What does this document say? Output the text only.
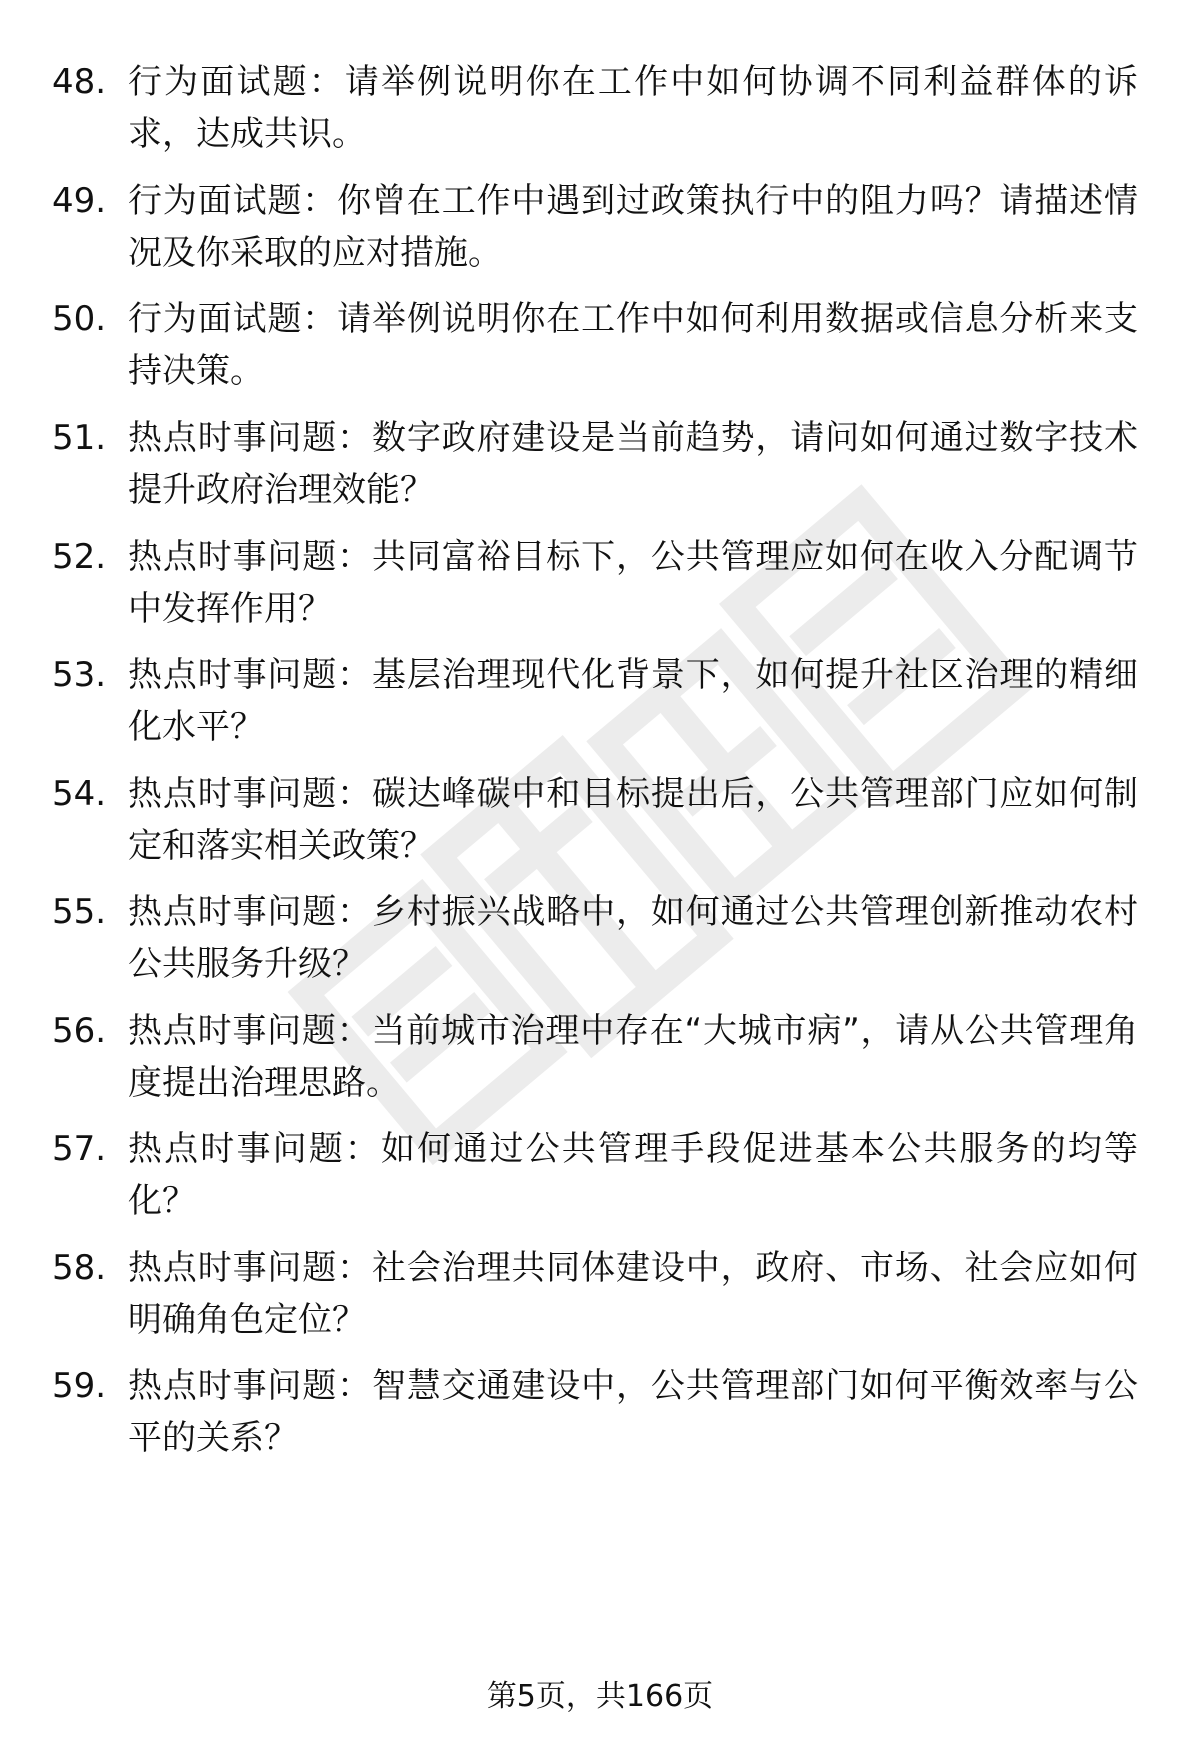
48. 行为面试题：请举例说明你在工作中如何协调不同利益群体的诉求，达成共识。
49. 行为面试题：你曾在工作中遇到过政策执行中的阻力吗？请描述情况及你采取的应对措施。
50. 行为面试题：请举例说明你在工作中如何利用数据或信息分析来支持决策。
51. 热点时事问题：数字政府建设是当前趋势，请问如何通过数字技术提升政府治理效能？
52. 热点时事问题：共同富裕目标下，公共管理应如何在收入分配调节中发挥作用？
53. 热点时事问题：基层治理现代化背景下，如何提升社区治理的精细化水平？
54. 热点时事问题：碳达峰碳中和目标提出后，公共管理部门应如何制定和落实相关政策？
55. 热点时事问题：乡村振兴战略中，如何通过公共管理创新推动农村公共服务升级？
56. 热点时事问题：当前城市治理中存在“大城市病”，请从公共管理角度提出治理思路。
57. 热点时事问题：如何通过公共管理手段促进基本公共服务的均等化？
58. 热点时事问题：社会治理共同体建设中，政府、市场、社会应如何明确角色定位？
59. 热点时事问题：智慧交通建设中，公共管理部门如何平衡效率与公平的关系？
第5页，共166页
